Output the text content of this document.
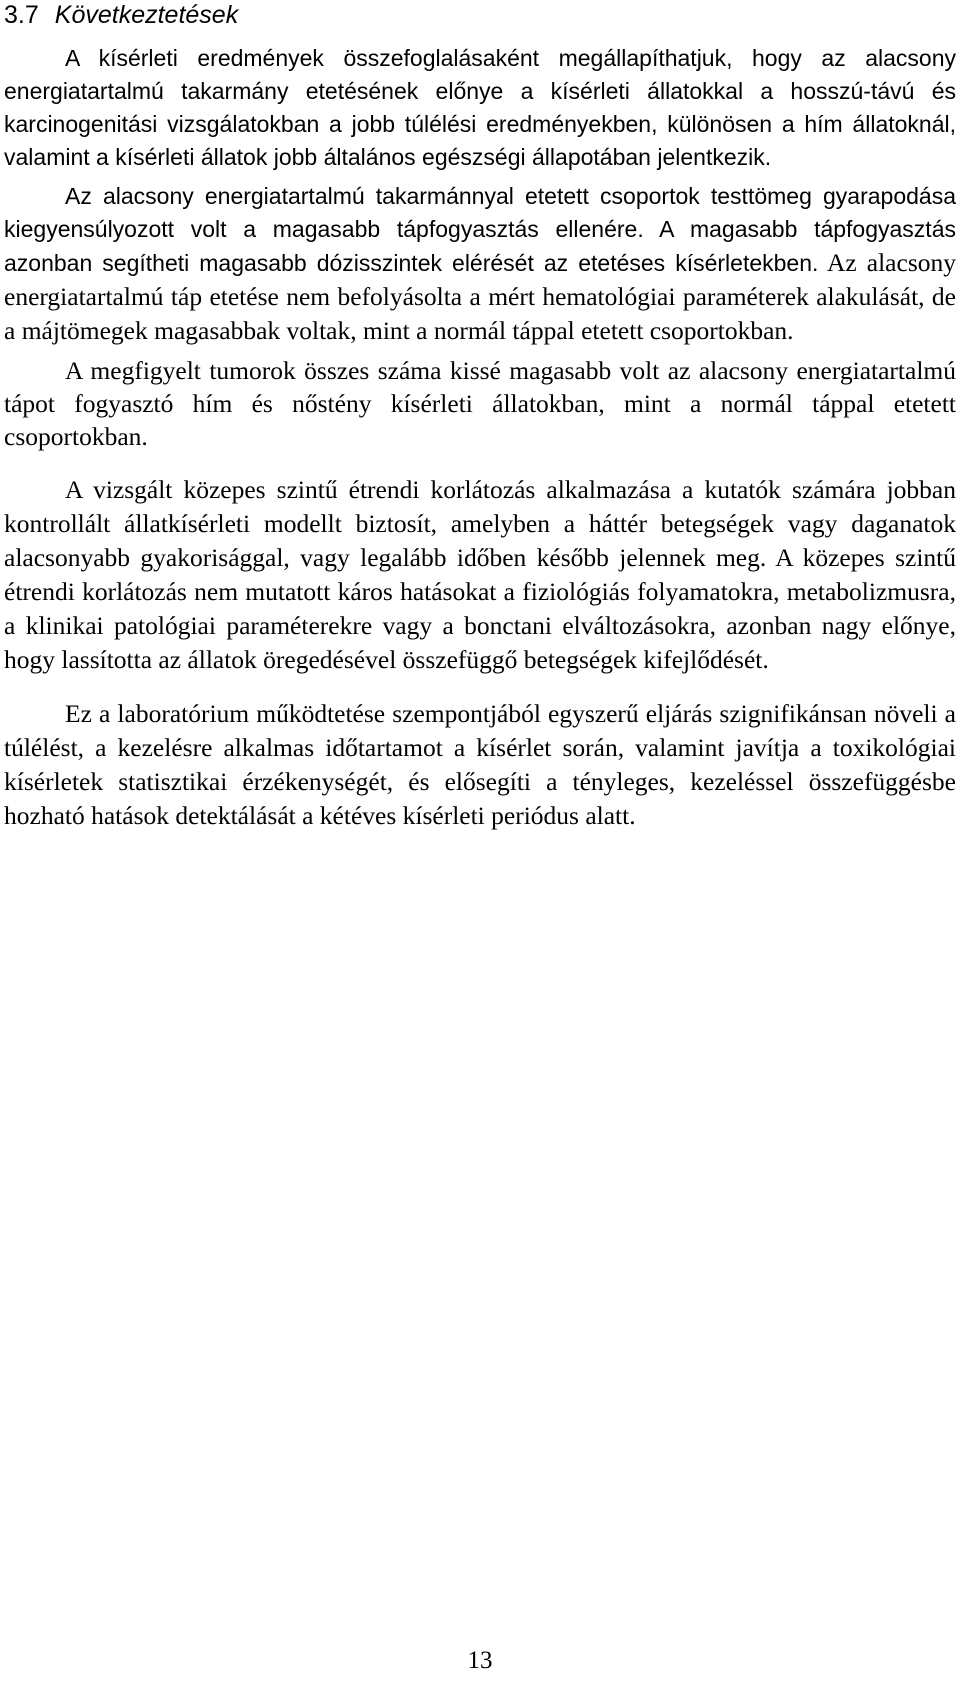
3.7 Következtetések

A kísérleti eredmények összefoglalásaként megállapíthatjuk, hogy az alacsony energiatartalmú takarmány etetésének előnye a kísérleti állatokkal a hosszú-távú és karcinogenitási vizsgálatokban a jobb túlélési eredményekben, különösen a hím állatoknál, valamint a kísérleti állatok jobb általános egészségi állapotában jelentkezik.

Az alacsony energiatartalmú takarmánnyal etetett csoportok testtömeg gyarapodása kiegyensúlyozott volt a magasabb tápfogyasztás ellenére. A magasabb tápfogyasztás azonban segítheti magasabb dózisszintek elérését az etetéses kísérletekben. Az alacsony energiatartalmú táp etetése nem befolyásolta a mért hematológiai paraméterek alakulását, de a májtömegek magasabbak voltak, mint a normál táppal etetett csoportokban.

A megfigyelt tumorok összes száma kissé magasabb volt az alacsony energiatartalmú tápot fogyasztó hím és nőstény kísérleti állatokban, mint a normál táppal etetett csoportokban.

A vizsgált közepes szintű étrendi korlátozás alkalmazása a kutatók számára jobban kontrollált állatkísérleti modellt biztosít, amelyben a háttér betegségek vagy daganatok alacsonyabb gyakorisággal, vagy legalább időben később jelennek meg. A közepes szintű étrendi korlátozás nem mutatott káros hatásokat a fiziológiás folyamatokra, metabolizmusra, a klinikai patológiai paraméterekre vagy a bonctani elváltozásokra, azonban nagy előnye, hogy lassította az állatok öregedésével összefüggő betegségek kifejlődését.

Ez a laboratórium működtetése szempontjából egyszerű eljárás szignifikánsan növeli a túlélést, a kezelésre alkalmas időtartamot a kísérlet során, valamint javítja a toxikológiai kísérletek statisztikai érzékenységét, és elősegíti a tényleges, kezeléssel összefüggésbe hozható hatások detektálását a kétéves kísérleti periódus alatt.

13
